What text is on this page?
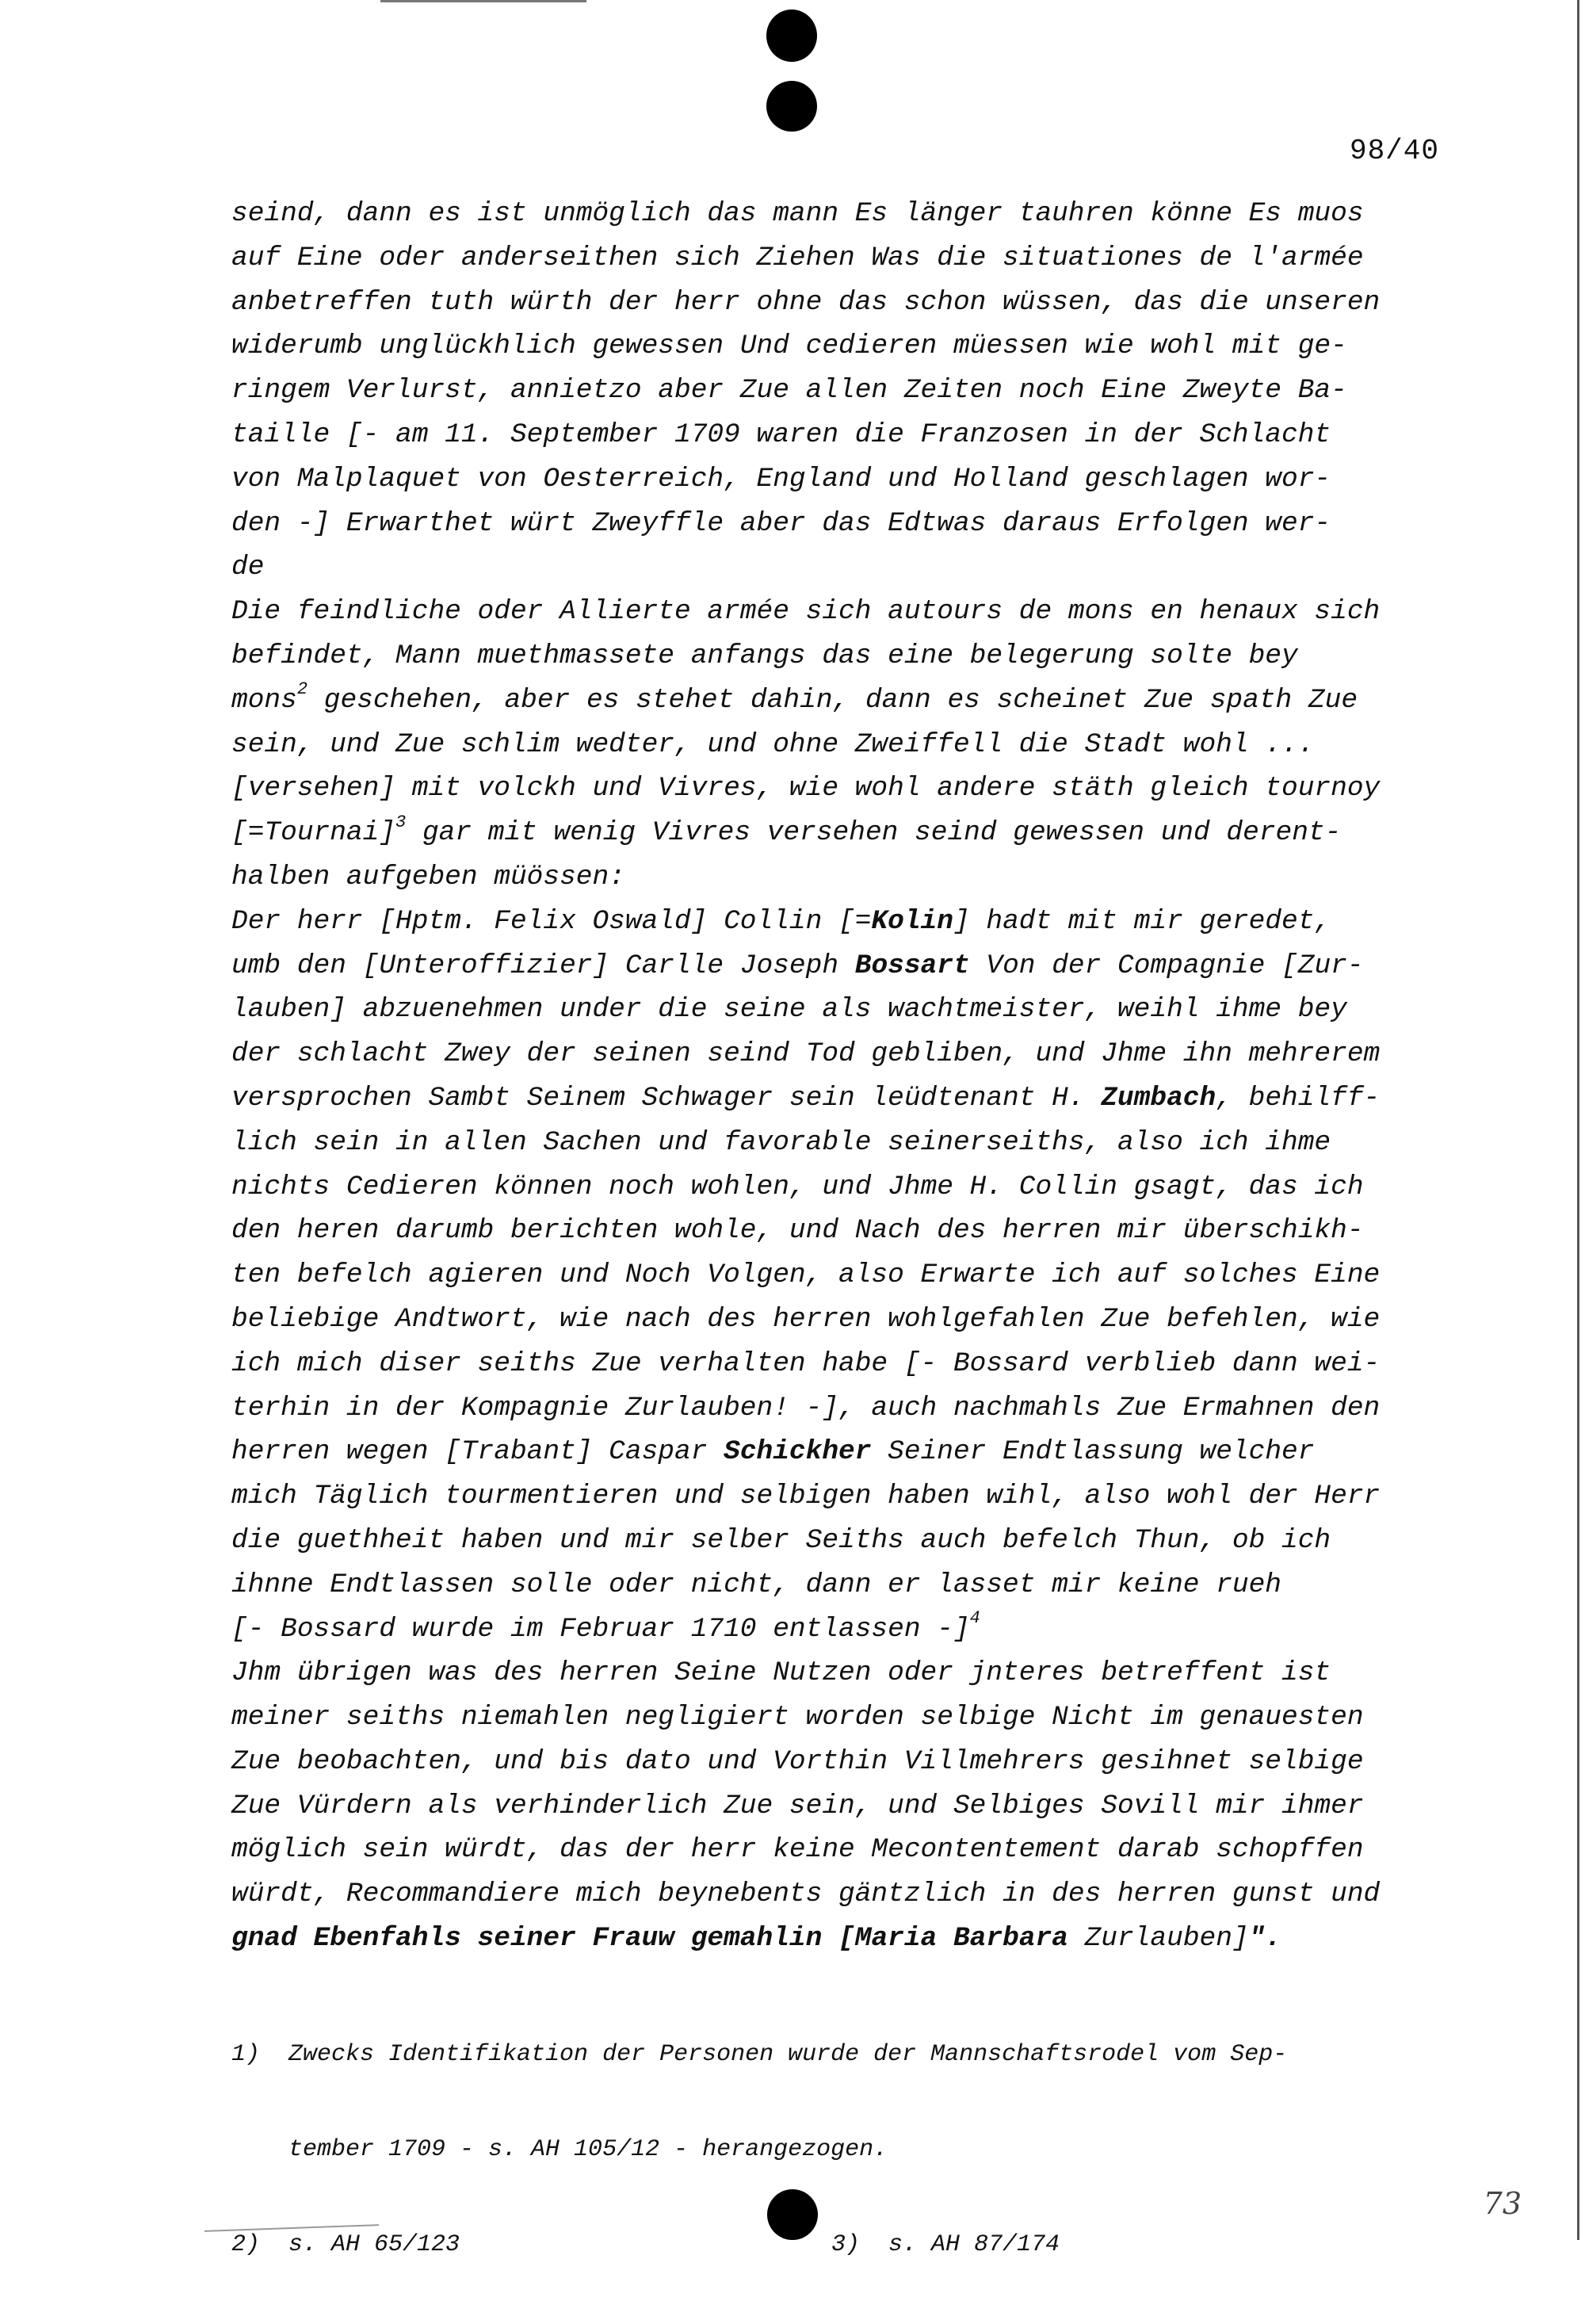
98/40
seind, dann es ist unmöglich das mann Es länger tauhren könne Es muos
auf Eine oder anderseithen sich Ziehen Was die situationes de l'armée
anbetreffen tuth würth der herr ohne das schon wüssen, das die unseren
widerumb unglückhlich gewessen Und cedieren müessen wie wohl mit ge-
ringem Verlurst, annietzo aber Zue allen Zeiten noch Eine Zweyte Ba-
taille [- am 11. September 1709 waren die Franzosen in der Schlacht
von Malplaquet von Oesterreich, England und Holland geschlagen wor-
den -] Erwarthet würt Zweyffle aber das Edtwas daraus Erfolgen wer-
de
Die feindliche oder Allierte armée sich autours de mons en henaux sich
befindet, Mann muethmassete anfangs das eine belegerung solte bey
mons$^2$ geschehen, aber es stehet dahin, dann es scheinet Zue spath Zue
sein, und Zue schlim wedter, und ohne Zweiffell die Stadt wohl ...
[versehen] mit volckh und Vivres, wie wohl andere stäth gleich tournoy
[=Tournai]$^3$ gar mit wenig Vivres versehen seind gewessen und derent-
halben aufgeben müössen:
Der herr [Hptm. Felix Oswald] Collin [=Kolin] hadt mit mir geredet,
umb den [Unteroffizier] Carlle Joseph Bossart Von der Compagnie [Zur-
lauben] abzuenehmen under die seine als wachtmeister, weihl ihme bey
der schlacht Zwey der seinen seind Tod gebliben, und Jhme ihn mehrerem
versprochen Sambt Seinem Schwager sein leüdtenant H. Zumbach, behilff-
lich sein in allen Sachen und favorable seinerseiths, also ich ihme
nichts Cedieren können noch wohlen, und Jhme H. Collin gsagt, das ich
den heren darumb berichten wohle, und Nach des herren mir überschikh-
ten befelch agieren und Noch Volgen, also Erwarte ich auf solches Eine
beliebige Andtwort, wie nach des herren wohlgefahlen Zue befehlen, wie
ich mich diser seiths Zue verhalten habe [- Bossard verblieb dann wei-
terhin in der Kompagnie Zurlauben! -], auch nachmahls Zue Ermahnen den
herren wegen [Trabant] Caspar Schickher Seiner Endtlassung welcher
mich Täglich tourmentieren und selbigen haben wihl, also wohl der Herr
die guethheit haben und mir selber Seiths auch befelch Thun, ob ich
ihnne Endtlassen solle oder nicht, dann er lasset mir keine rueh
[- Bossard wurde im Februar 1710 entlassen -]$^4$
Jhm übrigen was des herren Seine Nutzen oder jnteres betreffent ist
meiner seiths niemahlen negligiert worden selbige Nicht im genauesten
Zue beobachten, und bis dato und Vorthin Villmehrers gesihnet selbige
Zue Vürdern als verhinderlich Zue sein, und Selbiges Sovill mir ihmer
möglich sein würdt, das der herr keine Mecontentement darab schopffen
würdt, Recommandiere mich beynebents gäntzlich in des herren gunst und
gnad Ebenfahls seiner Frauw gemahlin [Maria Barbara Zurlauben]".

1) Zwecks Identifikation der Personen wurde der Mannschaftsrodel vom Sep-

tember 1709 - s. AH 105/12 - herangezogen.

2) s. AH 65/123	3) s. AH 87/174

73
